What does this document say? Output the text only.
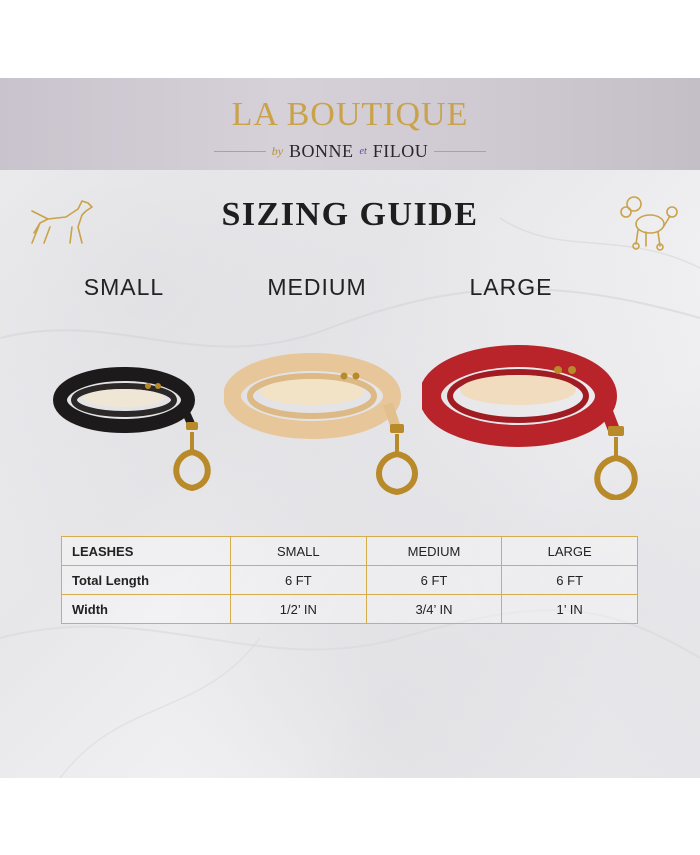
LA BOUTIQUE
by BONNE et FILOU
SIZING GUIDE
SMALL	MEDIUM	LARGE
LEASHES	SMALL	MEDIUM	LARGE
Total Length	6 FT	6 FT	6 FT
Width	1/2’ IN	3/4’ IN	1’ IN
